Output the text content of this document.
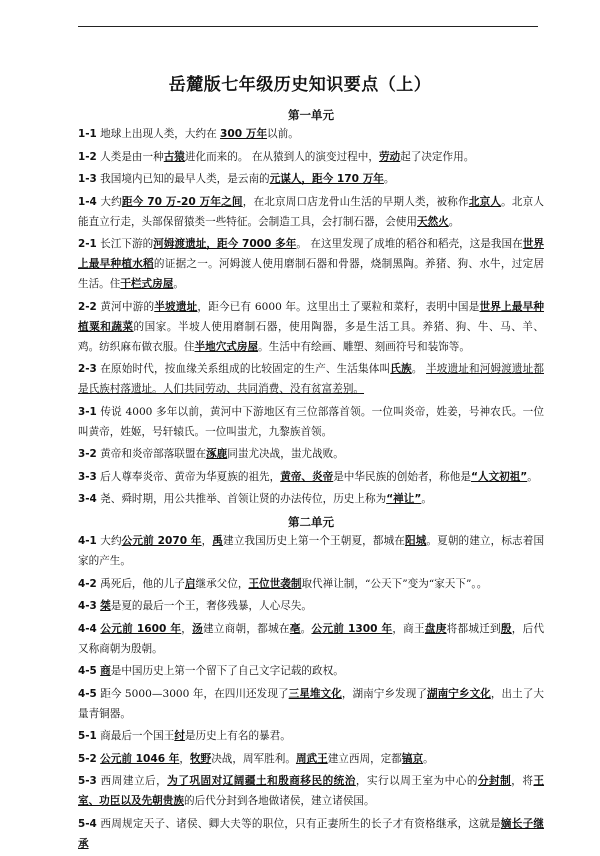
岳麓版七年级历史知识要点（上）
第一单元

1-1 地球上出现人类，大约在 300 万年以前。

1-2 人类是由一种古猿进化而来的。 在从猿到人的演变过程中，劳动起了决定作用。

1-3 我国境内已知的最早人类，是云南的元谋人，距今 170 万年。

1-4 大约距今 70 万-20 万年之间，在北京周口店龙骨山生活的早期人类，被称作北京人。北京人能直立行走，头部保留猿类一些特征。会制造工具，会打制石器，会使用天然火。

2-1 长江下游的河姆渡遗址，距今 7000 多年。 在这里发现了成堆的稻谷和稻壳，这是我国在世界上最早种植水稻的证据之一。河姆渡人使用磨制石器和骨器，烧制黑陶。养猪、狗、水牛，过定居生活。住干栏式房屋。

2-2 黄河中游的半坡遗址，距今已有 6000 年。这里出土了粟粒和菜籽，表明中国是世界上最早种植粟和蔬菜的国家。半坡人使用磨制石器，使用陶器，多是生活工具。养猪、狗、牛、马、羊、鸡。纺织麻布做衣服。住半地穴式房屋。生活中有绘画、雕塑、刻画符号和装饰等。

2-3 在原始时代，按血缘关系组成的比较固定的生产、生活集体叫氏族。 半坡遗址和河姆渡遗址都是氏族村落遗址。人们共同劳动、共同消费、没有贫富差别。

3-1 传说 4000 多年以前，黄河中下游地区有三位部落首领。一位叫炎帝，姓姜，号神农氏。一位叫黄帝，姓姬，号轩辕氏。一位叫蚩尤，九黎族首领。

3-2 黄帝和炎帝部落联盟在涿鹿同蚩尤决战，蚩尤战败。

3-3 后人尊奉炎帝、黄帝为华夏族的祖先，黄帝、炎帝是中华民族的创始者，称他是“人文初祖”。

3-4 尧、舜时期，用公共推举、首领让贤的办法传位，历史上称为“禅让”。

第二单元

4-1 大约公元前 2070 年，禹建立我国历史上第一个王朝夏，都城在阳城。夏朝的建立，标志着国家的产生。

4-2 禹死后，他的儿子启继承父位，王位世袭制取代禅让制，“公天下”变为“家天下”。。

4-3 桀是夏的最后一个王，奢侈残暴，人心尽失。

4-4 公元前 1600 年，汤建立商朝，都城在亳。公元前 1300 年，商王盘庚将都城迁到殷，后代又称商朝为殷朝。

4-5 商是中国历史上第一个留下了自己文字记载的政权。

4-5 距今 5000—3000 年，在四川还发现了三星堆文化，湖南宁乡发现了湖南宁乡文化，出土了大量青铜器。

5-1 商最后一个国王纣是历史上有名的暴君。

5-2 公元前 1046 年，牧野决战，周军胜利。周武王建立西周，定都镐京。

5-3 西周建立后，为了巩固对辽阔疆土和殷商移民的统治，实行以周王室为中心的分封制，将王室、功臣以及先朝贵族的后代分封到各地做诸侯，建立诸侯国。

5-4 西周规定天子、诸侯、卿大夫等的职位，只有正妻所生的长子才有资格继承，这就是嫡长子继承
